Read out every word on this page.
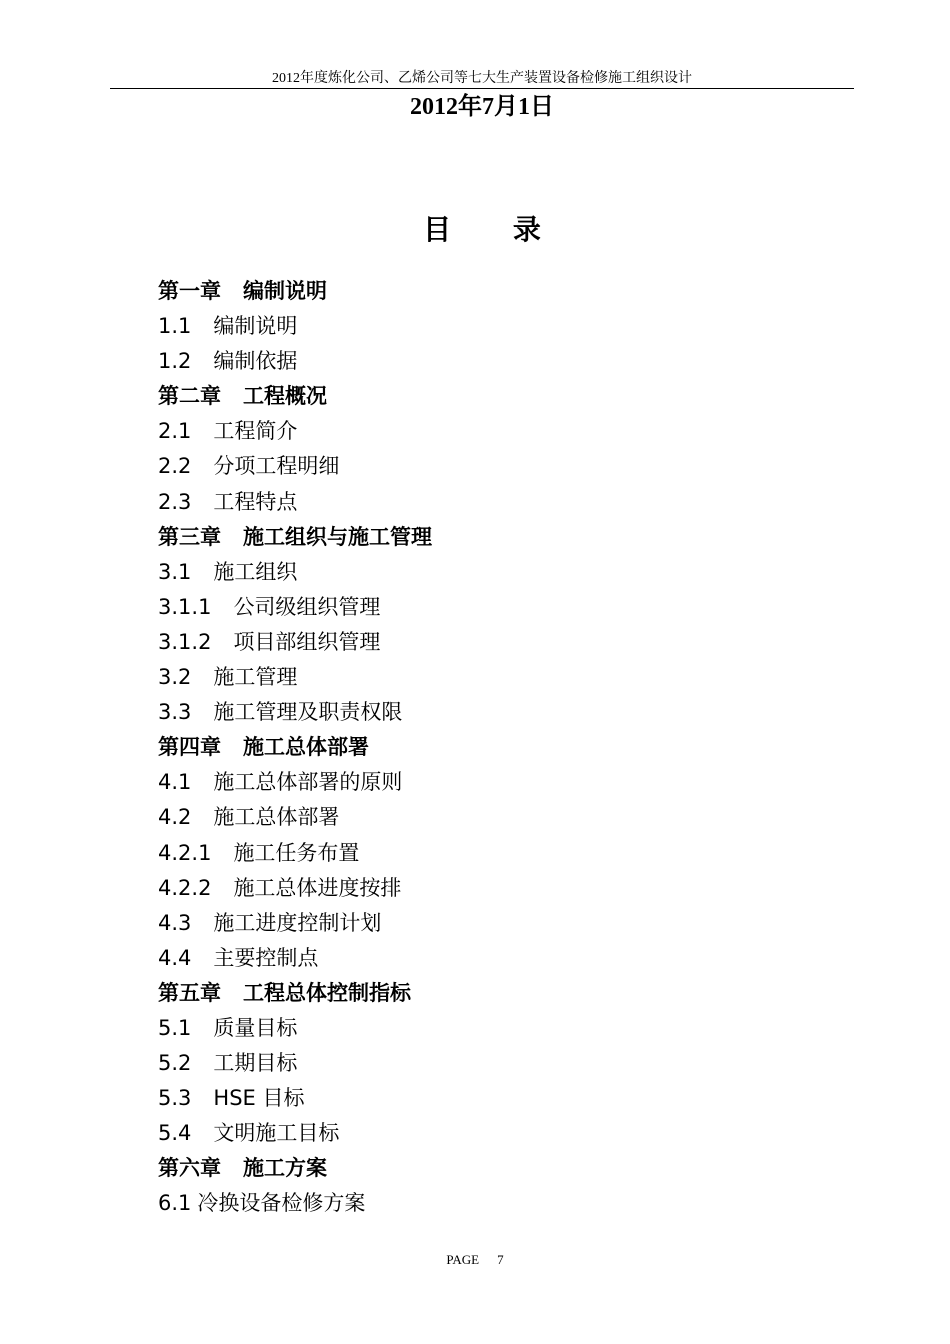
2012年度炼化公司、乙烯公司等七大生产装置设备检修施工组织设计
2012年7月1日
目 录
第一章 编制说明
1.1 编制说明
1.2 编制依据
第二章 工程概况
2.1 工程简介
2.2 分项工程明细
2.3 工程特点
第三章 施工组织与施工管理
3.1 施工组织
3.1.1 公司级组织管理
3.1.2 项目部组织管理
3.2 施工管理
3.3 施工管理及职责权限
第四章 施工总体部署
4.1 施工总体部署的原则
4.2 施工总体部署
4.2.1 施工任务布置
4.2.2 施工总体进度按排
4.3 施工进度控制计划
4.4 主要控制点
第五章 工程总体控制指标
5.1 质量目标
5.2 工期目标
5.3 HSE 目标
5.4 文明施工目标
第六章 施工方案
6.1 冷换设备检修方案
PAGE 7
